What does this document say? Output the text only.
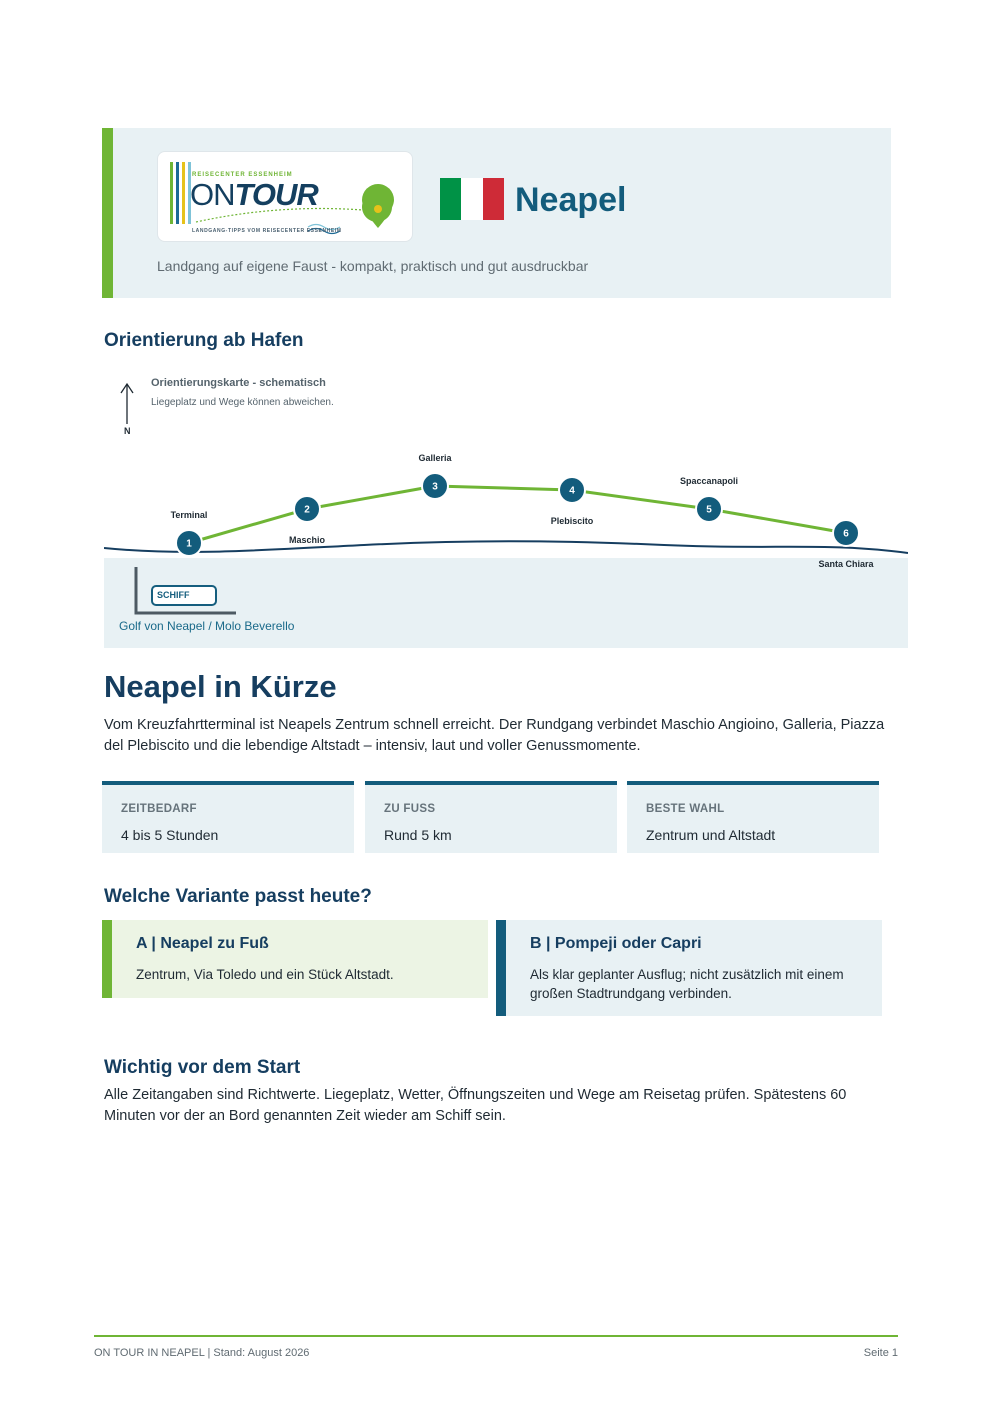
REISECENTER ESSENHEIM
ONTOUR
LANDGANG-TIPPS VOM REISECENTER ESSENHEIM
Neapel
Landgang auf eigene Faust - kompakt, praktisch und gut ausdruckbar
Orientierung ab Hafen
1
2
3	4
5
6
Orientierungskarte - schematisch
Liegeplatz und Wege können abweichen.
N
Terminal
Maschio
Galleria
Plebiscito
Spaccanapoli
Santa Chiara
SCHIFF
Golf von Neapel / Molo Beverello
Neapel in Kürze

Vom Kreuzfahrtterminal ist Neapels Zentrum schnell erreicht. Der Rundgang verbindet Maschio Angioino, Galleria, Piazza del Plebiscito und die lebendige Altstadt – intensiv, laut und voller Genussmomente.

ZEITBEDARF
4 bis 5 Stunden
ZU FUSS
Rund 5 km
BESTE WAHL
Zentrum und Altstadt
Welche Variante passt heute?
A | Neapel zu Fuß
Zentrum, Via Toledo und ein Stück Altstadt.
B | Pompeji oder Capri
Als klar geplanter Ausflug; nicht zusätzlich mit einem großen Stadtrundgang verbinden.
Wichtig vor dem Start

Alle Zeitangaben sind Richtwerte. Liegeplatz, Wetter, Öffnungszeiten und Wege am Reisetag prüfen. Spätestens 60 Minuten vor der an Bord genannten Zeit wieder am Schiff sein.

ON TOUR IN NEAPEL | Stand: August 2026	Seite 1
